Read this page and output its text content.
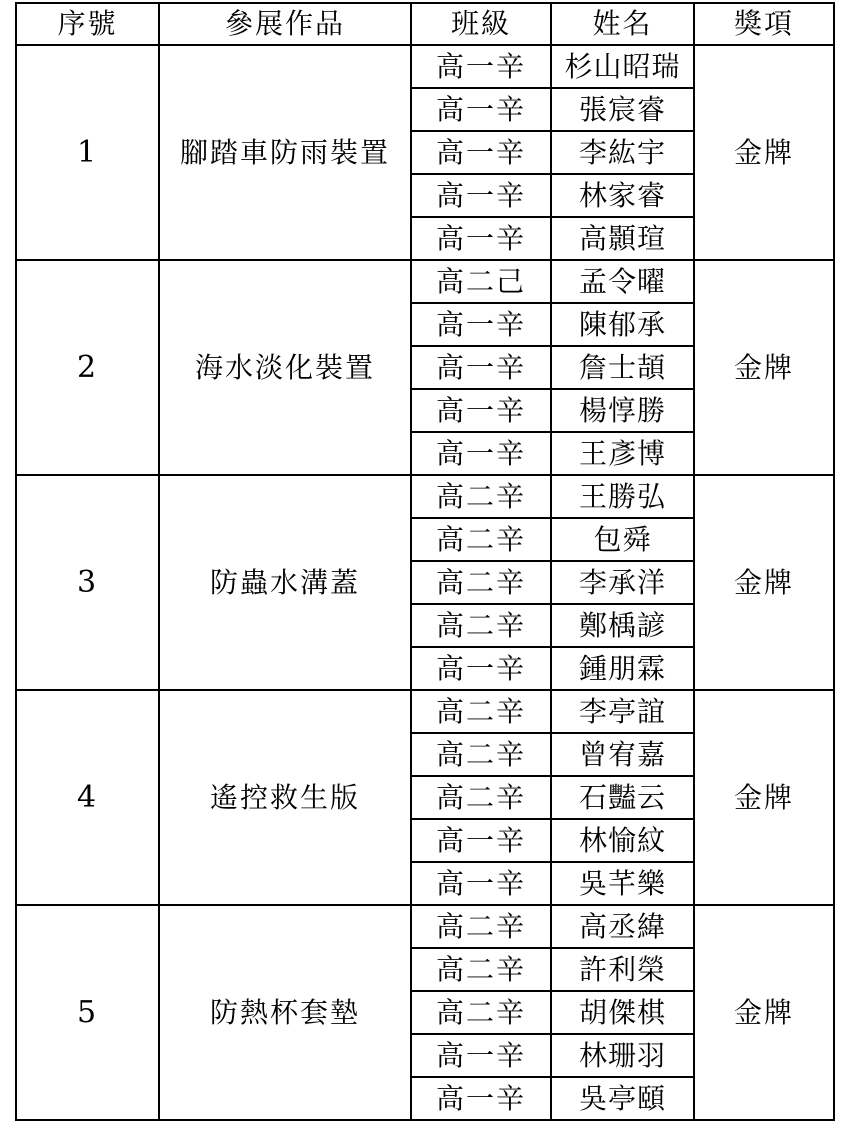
序號	參展作品	班級	姓名	獎項
1	腳踏車防雨裝置	高一辛	杉山昭瑞	金牌
		高一辛	張宸睿	
		高一辛	李紘宇	
		高一辛	林家睿	
		高一辛	高顥瑄	
2	海水淡化裝置	高二己	孟令曜	金牌
		高一辛	陳郁承	
		高一辛	詹士頡	
		高一辛	楊惇勝	
		高一辛	王彥博	
3	防蟲水溝蓋	高二辛	王勝弘	金牌
		高二辛	包舜	
		高二辛	李承洋	
		高二辛	鄭楀諺	
		高一辛	鍾朋霖	
4	遙控救生版	高二辛	李亭誼	金牌
		高二辛	曾宥嘉	
		高二辛	石豔云	
		高一辛	林愉紋	
		高一辛	吳芊樂	
5	防熱杯套墊	高二辛	高丞緯	金牌
		高二辛	許利榮	
		高二辛	胡傑棋	
		高一辛	林珊羽	
		高一辛	吳亭頤	
